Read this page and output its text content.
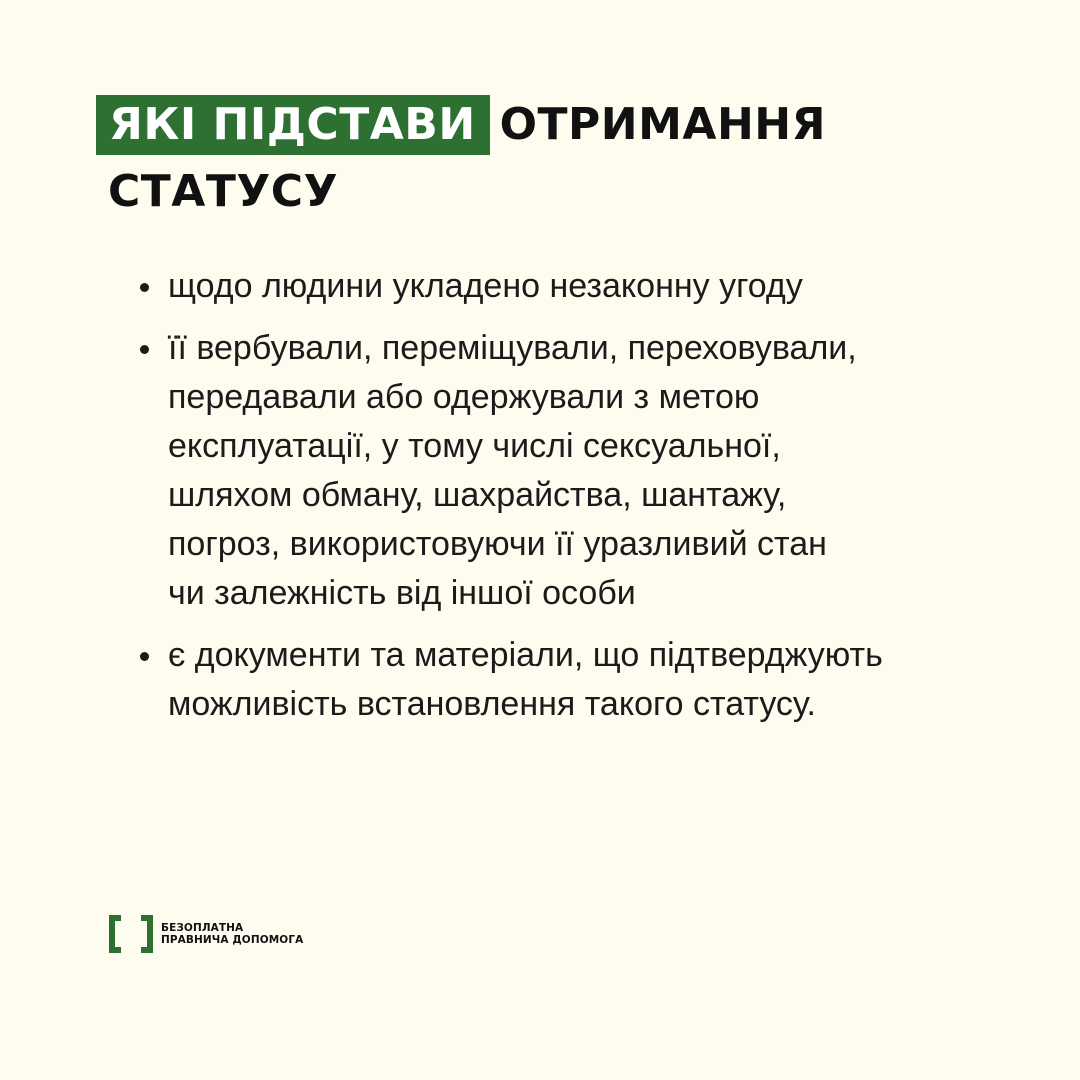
ЯКІ ПІДСТАВИ ОТРИМАННЯ
СТАТУСУ
щодо людини укладено незаконну угоду
її вербували, переміщували, переховували,
передавали або одержували з метою
експлуатації, у тому числі сексуальної,
шляхом обману, шахрайства, шантажу,
погроз, використовуючи її уразливий стан
чи залежність від іншої особи
є документи та матеріали, що підтверджують
можливість встановлення такого статусу.
БЕЗОПЛАТНА
ПРАВНИЧА ДОПОМОГА
